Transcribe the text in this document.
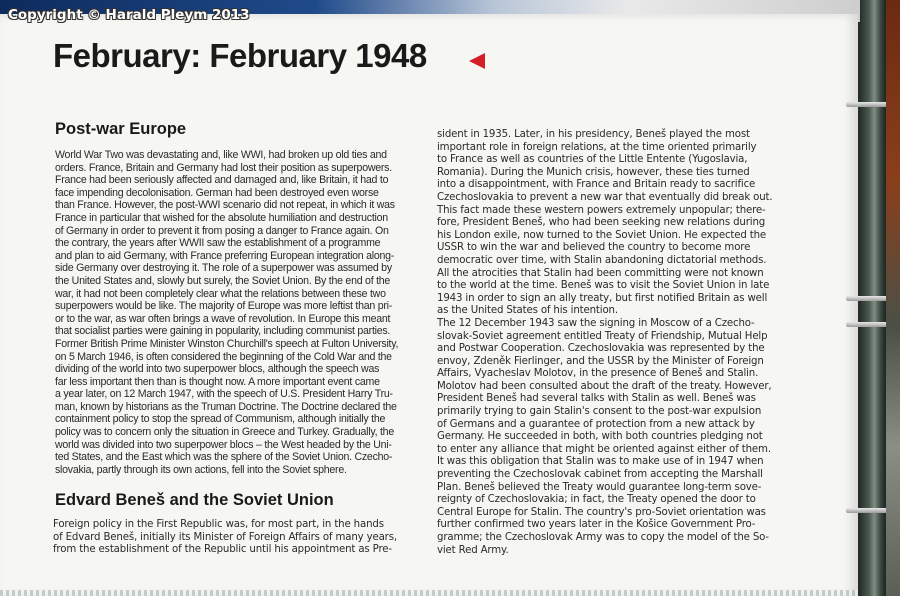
Copyright © Harald Pleym 2013
February: February 1948
Post-war Europe
World War Two was devastating and, like WWI, had broken up old ties and
orders. France, Britain and Germany had lost their position as superpowers.
France had been seriously affected and damaged and, like Britain, it had to
face impending decolonisation. German had been destroyed even worse
than France. However, the post-WWI scenario did not repeat, in which it was
France in particular that wished for the absolute humiliation and destruction
of Germany in order to prevent it from posing a danger to France again. On
the contrary, the years after WWII saw the establishment of a programme
and plan to aid Germany, with France preferring European integration along-
side Germany over destroying it. The role of a superpower was assumed by
the United States and, slowly but surely, the Soviet Union. By the end of the
war, it had not been completely clear what the relations between these two
superpowers would be like. The majority of Europe was more leftist than pri-
or to the war, as war often brings a wave of revolution. In Europe this meant
that socialist parties were gaining in popularity, including communist parties.
Former British Prime Minister Winston Churchill's speech at Fulton University,
on 5 March 1946, is often considered the beginning of the Cold War and the
dividing of the world into two superpower blocs, although the speech was
far less important then than is thought now. A more important event came
a year later, on 12 March 1947, with the speech of U.S. President Harry Tru-
man, known by historians as the Truman Doctrine. The Doctrine declared the
containment policy to stop the spread of Communism, although initially the
policy was to concern only the situation in Greece and Turkey. Gradually, the
world was divided into two superpower blocs – the West headed by the Uni-
ted States, and the East which was the sphere of the Soviet Union. Czecho-
slovakia, partly through its own actions, fell into the Soviet sphere.
Edvard Beneš and the Soviet Union
Foreign policy in the First Republic was, for most part, in the hands
of Edvard Beneš, initially its Minister of Foreign Affairs of many years,
from the establishment of the Republic until his appointment as Pre-
sident in 1935. Later, in his presidency, Beneš played the most
important role in foreign relations, at the time oriented primarily
to France as well as countries of the Little Entente (Yugoslavia,
Romania). During the Munich crisis, however, these ties turned
into a disappointment, with France and Britain ready to sacrifice
Czechoslovakia to prevent a new war that eventually did break out.
This fact made these western powers extremely unpopular; there-
fore, President Beneš, who had been seeking new relations during
his London exile, now turned to the Soviet Union. He expected the
USSR to win the war and believed the country to become more
democratic over time, with Stalin abandoning dictatorial methods.
All the atrocities that Stalin had been committing were not known
to the world at the time. Beneš was to visit the Soviet Union in late
1943 in order to sign an ally treaty, but first notified Britain as well
as the United States of his intention.
The 12 December 1943 saw the signing in Moscow of a Czecho-
slovak-Soviet agreement entitled Treaty of Friendship, Mutual Help
and Postwar Cooperation. Czechoslovakia was represented by the
envoy, Zdeněk Fierlinger, and the USSR by the Minister of Foreign
Affairs, Vyacheslav Molotov, in the presence of Beneš and Stalin.
Molotov had been consulted about the draft of the treaty. However,
President Beneš had several talks with Stalin as well. Beneš was
primarily trying to gain Stalin's consent to the post-war expulsion
of Germans and a guarantee of protection from a new attack by
Germany. He succeeded in both, with both countries pledging not
to enter any alliance that might be oriented against either of them.
It was this obligation that Stalin was to make use of in 1947 when
preventing the Czechoslovak cabinet from accepting the Marshall
Plan. Beneš believed the Treaty would guarantee long-term sove-
reignty of Czechoslovakia; in fact, the Treaty opened the door to
Central Europe for Stalin. The country's pro-Soviet orientation was
further confirmed two years later in the Košice Government Pro-
gramme; the Czechoslovak Army was to copy the model of the So-
viet Red Army.
